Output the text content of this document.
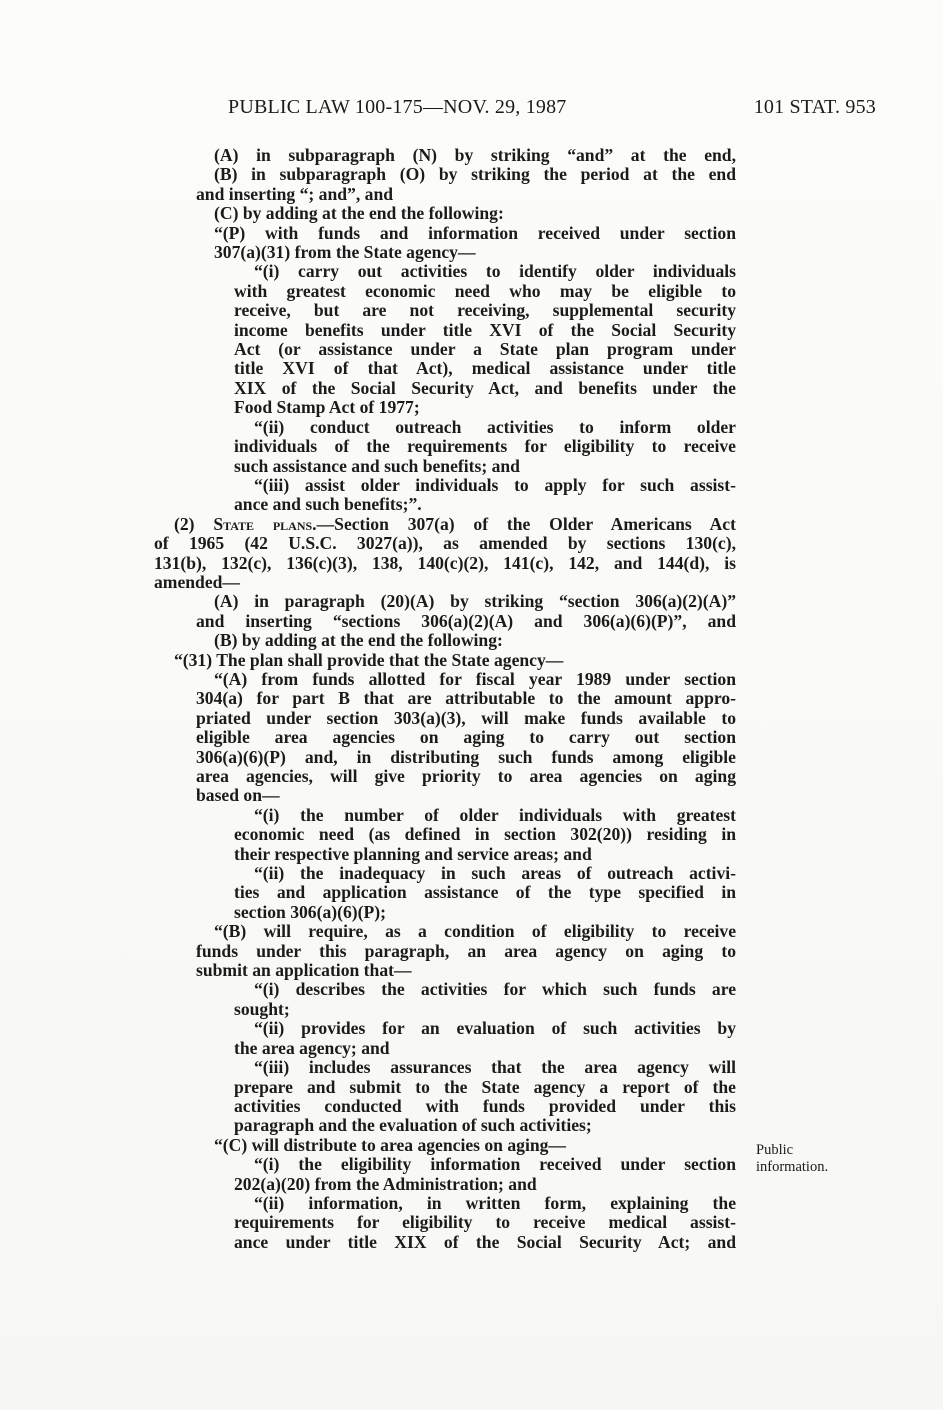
PUBLIC LAW 100-175—NOV. 29, 1987	101 STAT. 953
(A) in subparagraph (N) by striking “and” at the end,
(B) in subparagraph (O) by striking the period at the end
and inserting “; and”, and
(C) by adding at the end the following:
“(P) with funds and information received under section
307(a)(31) from the State agency—
“(i) carry out activities to identify older individuals
with greatest economic need who may be eligible to
receive, but are not receiving, supplemental security
income benefits under title XVI of the Social Security
Act (or assistance under a State plan program under
title XVI of that Act), medical assistance under title
XIX of the Social Security Act, and benefits under the
Food Stamp Act of 1977;
“(ii) conduct outreach activities to inform older
individuals of the requirements for eligibility to receive
such assistance and such benefits; and
“(iii) assist older individuals to apply for such assist-
ance and such benefits;”.
(2) State plans.—Section 307(a) of the Older Americans Act
of 1965 (42 U.S.C. 3027(a)), as amended by sections 130(c),
131(b), 132(c), 136(c)(3), 138, 140(c)(2), 141(c), 142, and 144(d), is
amended—
(A) in paragraph (20)(A) by striking “section 306(a)(2)(A)”
and inserting “sections 306(a)(2)(A) and 306(a)(6)(P)”, and
(B) by adding at the end the following:
“(31) The plan shall provide that the State agency—
“(A) from funds allotted for fiscal year 1989 under section
304(a) for part B that are attributable to the amount appro-
priated under section 303(a)(3), will make funds available to
eligible area agencies on aging to carry out section
306(a)(6)(P) and, in distributing such funds among eligible
area agencies, will give priority to area agencies on aging
based on—
“(i) the number of older individuals with greatest
economic need (as defined in section 302(20)) residing in
their respective planning and service areas; and
“(ii) the inadequacy in such areas of outreach activi-
ties and application assistance of the type specified in
section 306(a)(6)(P);
“(B) will require, as a condition of eligibility to receive
funds under this paragraph, an area agency on aging to
submit an application that—
“(i) describes the activities for which such funds are
sought;
“(ii) provides for an evaluation of such activities by
the area agency; and
“(iii) includes assurances that the area agency will
prepare and submit to the State agency a report of the
activities conducted with funds provided under this
paragraph and the evaluation of such activities;
“(C) will distribute to area agencies on aging—
“(i) the eligibility information received under section
202(a)(20) from the Administration; and
“(ii) information, in written form, explaining the
requirements for eligibility to receive medical assist-
ance under title XIX of the Social Security Act; and
Public
information.
